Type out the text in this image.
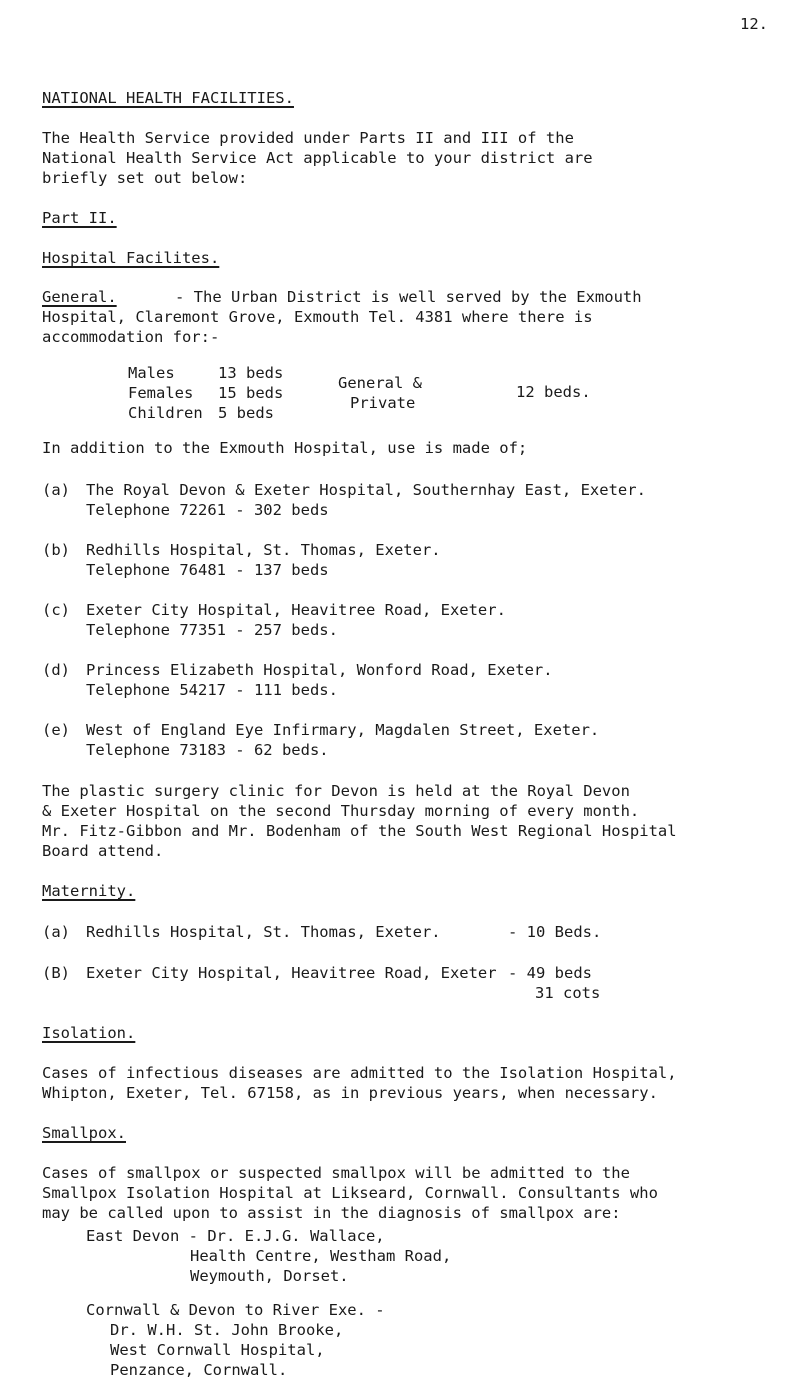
12.
NATIONAL HEALTH FACILITIES.
The Health Service provided under Parts II and III of the
National Health Service Act applicable to your district are
briefly set out below:
Part II.
Hospital Facilites.
General.	- The Urban District is well served by the Exmouth
Hospital, Claremont Grove, Exmouth Tel. 4381 where there is
accommodation for:-
Males	13 beds
Females 15 beds
Children 5 beds
General &
Private
12 beds.
In addition to the Exmouth Hospital, use is made of;
(a) The Royal Devon & Exeter Hospital, Southernhay East, Exeter.
Telephone 72261 - 302 beds
(b) Redhills Hospital, St. Thomas, Exeter.
Telephone 76481 - 137 beds
(c) Exeter City Hospital, Heavitree Road, Exeter.
Telephone 77351 - 257 beds.
(d) Princess Elizabeth Hospital, Wonford Road, Exeter.
Telephone 54217 - 111 beds.
(e) West of England Eye Infirmary, Magdalen Street, Exeter.
Telephone 73183 - 62 beds.
The plastic surgery clinic for Devon is held at the Royal Devon
& Exeter Hospital on the second Thursday morning of every month.
Mr. Fitz-Gibbon and Mr. Bodenham of the South West Regional Hospital
Board attend.
Maternity.
(a) Redhills Hospital, St. Thomas, Exeter.	- 10 Beds.
(B) Exeter City Hospital, Heavitree Road, Exeter - 49 beds
31 cots
Isolation.
Cases of infectious diseases are admitted to the Isolation Hospital,
Whipton, Exeter, Tel. 67158, as in previous years, when necessary.
Smallpox.
Cases of smallpox or suspected smallpox will be admitted to the
Smallpox Isolation Hospital at Likseard, Cornwall. Consultants who
may be called upon to assist in the diagnosis of smallpox are:
East Devon - Dr. E.J.G. Wallace,
Health Centre, Westham Road,
Weymouth, Dorset.
Cornwall & Devon to River Exe. -
Dr. W.H. St. John Brooke,
West Cornwall Hospital,
Penzance, Cornwall.
